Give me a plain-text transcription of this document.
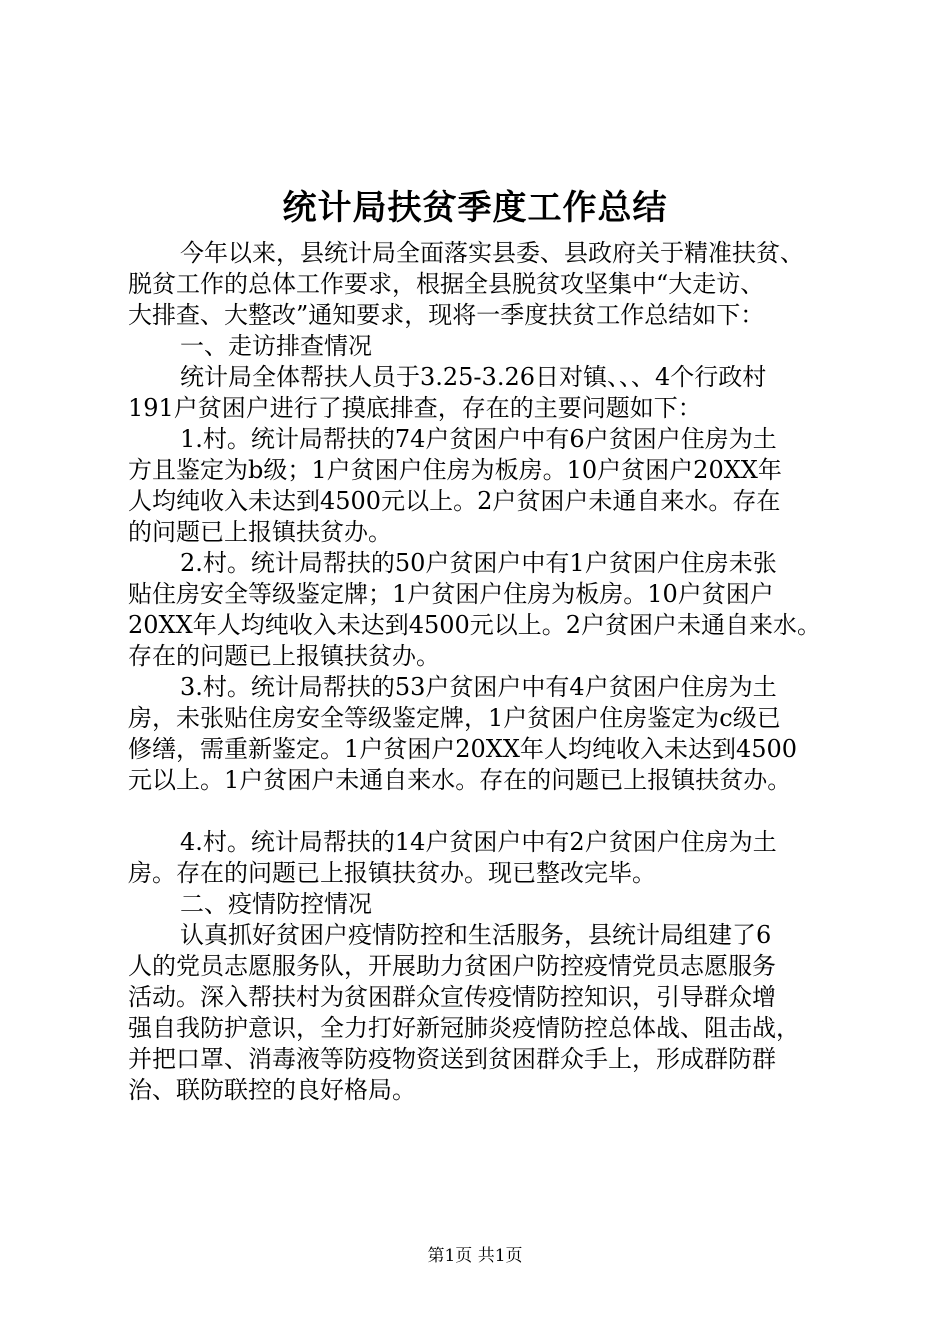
统计局扶贫季度工作总结
今年以来，县统计局全面落实县委、县政府关于精准扶贫、
脱贫工作的总体工作要求，根据全县脱贫攻坚集中“大走访、
大排查、大整改”通知要求，现将一季度扶贫工作总结如下：
一、走访排查情况
统计局全体帮扶人员于3.25-3.26日对镇、、、4个行政村
191户贫困户进行了摸底排查，存在的主要问题如下：
1.村。统计局帮扶的74户贫困户中有6户贫困户住房为土
方且鉴定为b级；1户贫困户住房为板房。10户贫困户20XX年
人均纯收入未达到4500元以上。2户贫困户未通自来水。存在
的问题已上报镇扶贫办。
2.村。统计局帮扶的50户贫困户中有1户贫困户住房未张
贴住房安全等级鉴定牌；1户贫困户住房为板房。10户贫困户
20XX年人均纯收入未达到4500元以上。2户贫困户未通自来水。
存在的问题已上报镇扶贫办。
3.村。统计局帮扶的53户贫困户中有4户贫困户住房为土
房，未张贴住房安全等级鉴定牌，1户贫困户住房鉴定为c级已
修缮，需重新鉴定。1户贫困户20XX年人均纯收入未达到4500
元以上。1户贫困户未通自来水。存在的问题已上报镇扶贫办。
4.村。统计局帮扶的14户贫困户中有2户贫困户住房为土
房。存在的问题已上报镇扶贫办。现已整改完毕。
二、疫情防控情况
认真抓好贫困户疫情防控和生活服务，县统计局组建了6
人的党员志愿服务队，开展助力贫困户防控疫情党员志愿服务
活动。深入帮扶村为贫困群众宣传疫情防控知识，引导群众增
强自我防护意识，全力打好新冠肺炎疫情防控总体战、阻击战，
并把口罩、消毒液等防疫物资送到贫困群众手上，形成群防群
治、联防联控的良好格局。
第1页 共1页
